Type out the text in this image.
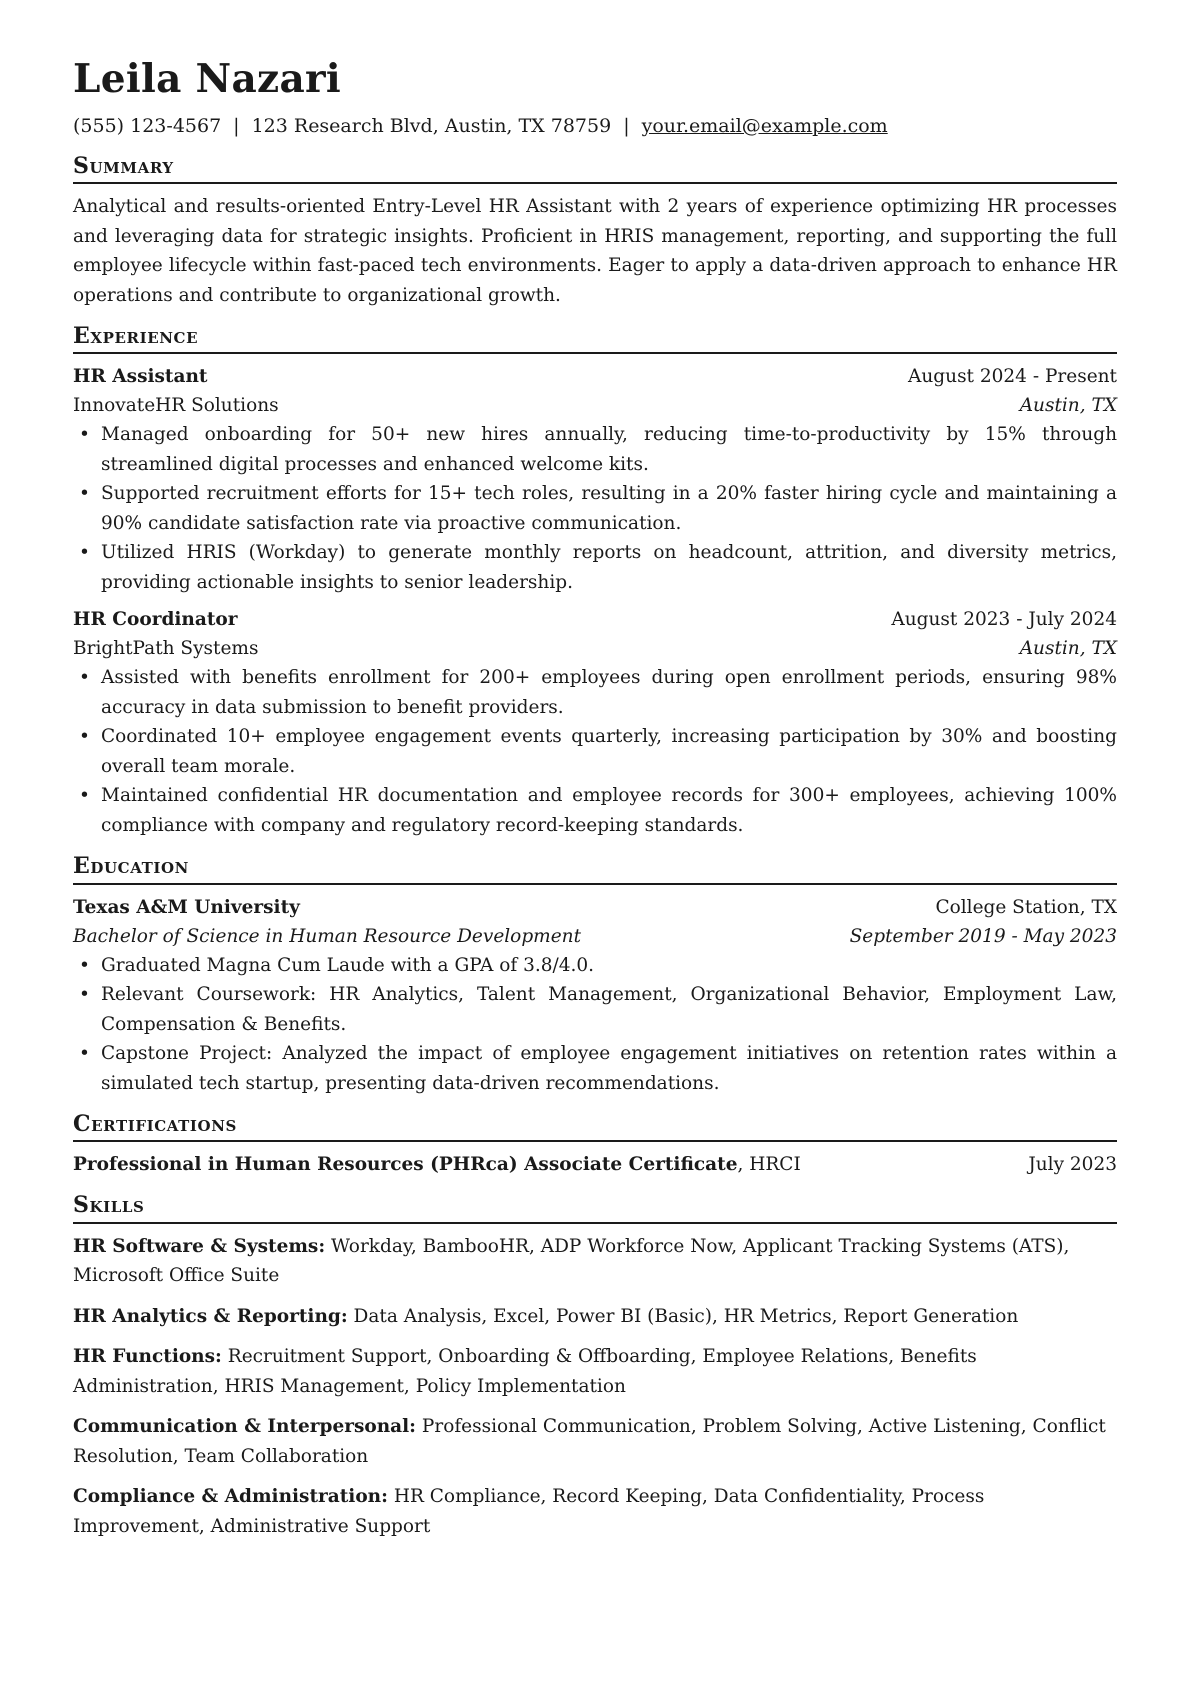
Leila Nazari
(555) 123-4567 | 123 Research Blvd, Austin, TX 78759 | your.email@example.com
Summary

Analytical and results-oriented Entry-Level HR Assistant with 2 years of experience optimizing HR processes and leveraging data for strategic insights. Proficient in HRIS management, reporting, and supporting the full employee lifecycle within fast-paced tech environments. Eager to apply a data-driven approach to enhance HR operations and contribute to organizational growth.

Experience
HR Assistant	August 2024 - Present
InnovateHR Solutions	Austin, TX
• Managed onboarding for 50+ new hires annually, reducing time-to-productivity by 15% through streamlined digital processes and enhanced welcome kits.
• Supported recruitment efforts for 15+ tech roles, resulting in a 20% faster hiring cycle and maintaining a 90% candidate satisfaction rate via proactive communication.
• Utilized HRIS (Workday) to generate monthly reports on headcount, attrition, and diversity metrics, providing actionable insights to senior leadership.
HR Coordinator	August 2023 - July 2024
BrightPath Systems	Austin, TX
• Assisted with benefits enrollment for 200+ employees during open enrollment periods, ensuring 98% accuracy in data submission to benefit providers.
• Coordinated 10+ employee engagement events quarterly, increasing participation by 30% and boosting overall team morale.
• Maintained confidential HR documentation and employee records for 300+ employees, achieving 100% compliance with company and regulatory record-keeping standards.
Education
Texas A&M University	College Station, TX
Bachelor of Science in Human Resource Development	September 2019 - May 2023
• Graduated Magna Cum Laude with a GPA of 3.8/4.0.
• Relevant Coursework: HR Analytics, Talent Management, Organizational Behavior, Employment Law, Compensation & Benefits.
• Capstone Project: Analyzed the impact of employee engagement initiatives on retention rates within a simulated tech startup, presenting data-driven recommendations.
Certifications
Professional in Human Resources (PHRca) Associate Certificate, HRCI	July 2023
Skills
HR Software & Systems: Workday, BambooHR, ADP Workforce Now, Applicant Tracking Systems (ATS), Microsoft Office Suite
HR Analytics & Reporting: Data Analysis, Excel, Power BI (Basic), HR Metrics, Report Generation
HR Functions: Recruitment Support, Onboarding & Offboarding, Employee Relations, Benefits Administration, HRIS Management, Policy Implementation
Communication & Interpersonal: Professional Communication, Problem Solving, Active Listening, Conflict Resolution, Team Collaboration
Compliance & Administration: HR Compliance, Record Keeping, Data Confidentiality, Process Improvement, Administrative Support
